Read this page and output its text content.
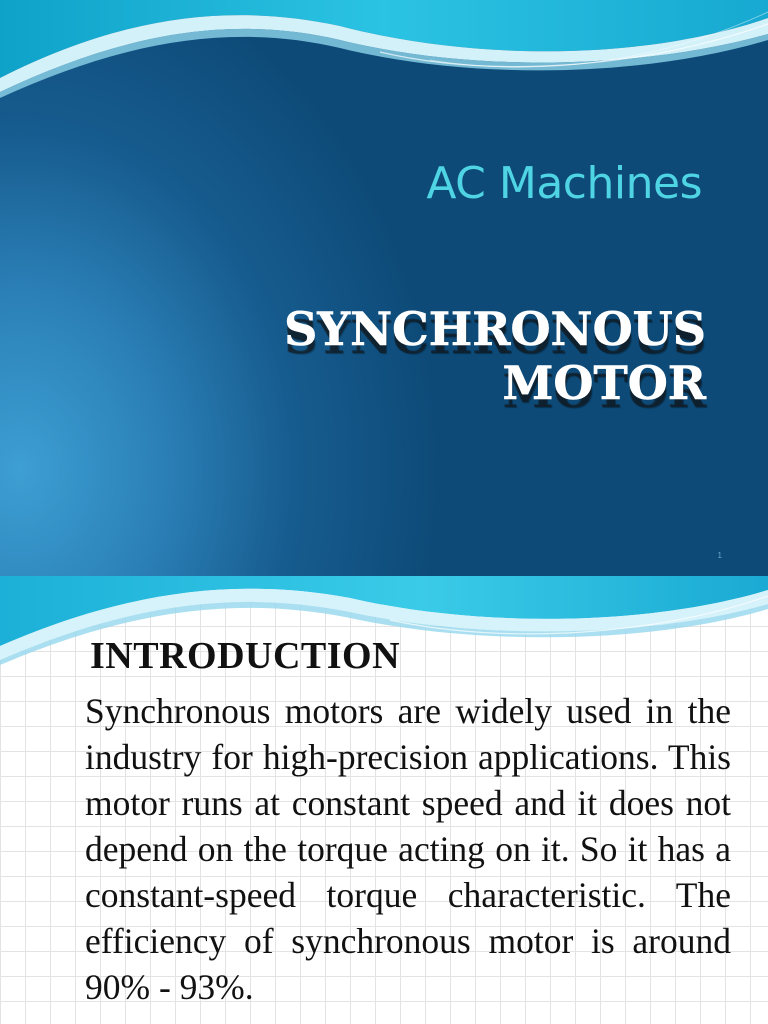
AC Machines
SYNCHRONOUS MOTOR
1
INTRODUCTION

Synchronous motors are widely used in the industry for high-precision applications. This motor runs at constant speed and it does not depend on the torque acting on it. So it has a constant-speed torque characteristic. The efficiency of synchronous motor is around 90% - 93%.
